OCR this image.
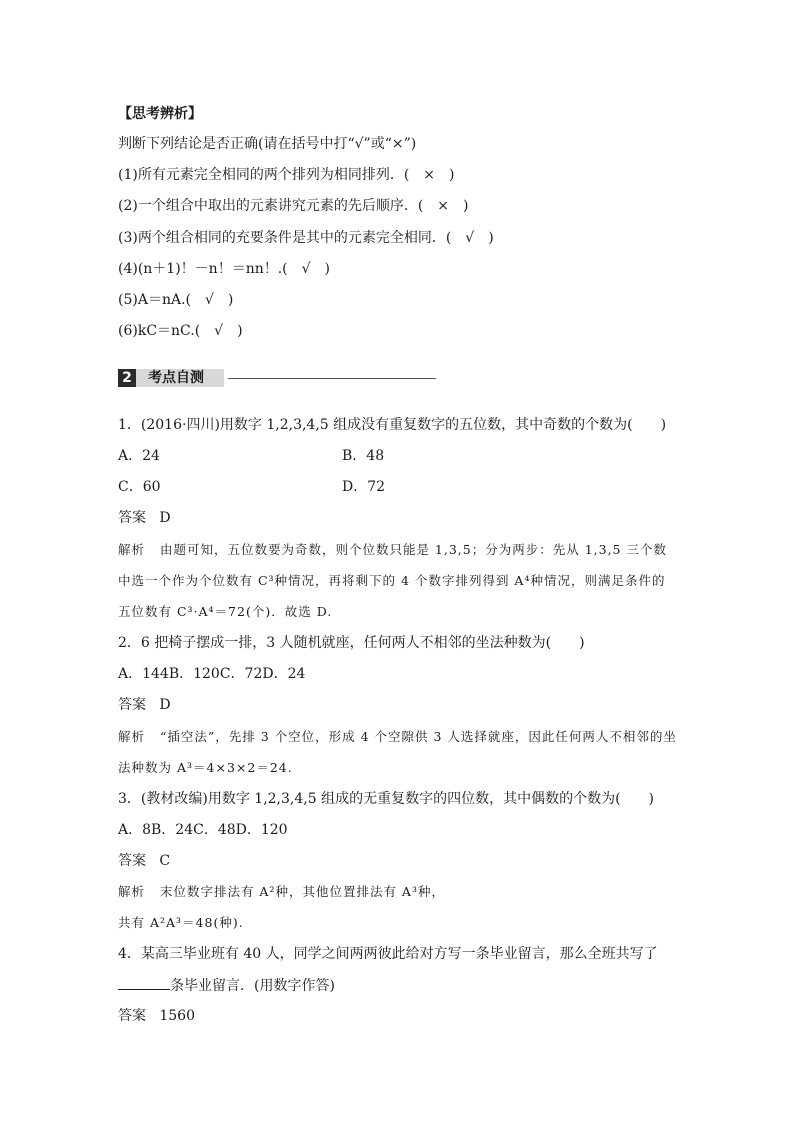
【思考辨析】
判断下列结论是否正确(请在括号中打“√”或“×”)
(1)所有元素完全相同的两个排列为相同排列．(　×　)
(2)一个组合中取出的元素讲究元素的先后顺序．(　×　)
(3)两个组合相同的充要条件是其中的元素完全相同．(　√　)
(4)(n＋1)！－n！＝nn！.(　√　)
(5)A＝nA.(　√　)
(6)kC＝nC.(　√　)
2 考点自测
1．(2016·四川)用数字 1,2,3,4,5 组成没有重复数字的五位数，其中奇数的个数为(　　)
A．24	B．48
C．60	D．72
答案 D
解析 由题可知，五位数要为奇数，则个位数只能是 1,3,5；分为两步：先从 1,3,5 三个数
中选一个作为个位数有 C³种情况，再将剩下的 4 个数字排列得到 A⁴种情况，则满足条件的
五位数有 C³·A⁴＝72(个)．故选 D.
2．6 把椅子摆成一排，3 人随机就座，任何两人不相邻的坐法种数为(　　)
A．144B．120C．72D．24
答案 D
解析 “插空法”，先排 3 个空位，形成 4 个空隙供 3 人选择就座，因此任何两人不相邻的坐
法种数为 A³＝4×3×2＝24.
3．(教材改编)用数字 1,2,3,4,5 组成的无重复数字的四位数，其中偶数的个数为(　　)
A．8B．24C．48D．120
答案 C
解析 末位数字排法有 A²种，其他位置排法有 A³种，
共有 A²A³＝48(种).
4．某高三毕业班有 40 人，同学之间两两彼此给对方写一条毕业留言，那么全班共写了
条毕业留言．(用数字作答)
答案 1560
